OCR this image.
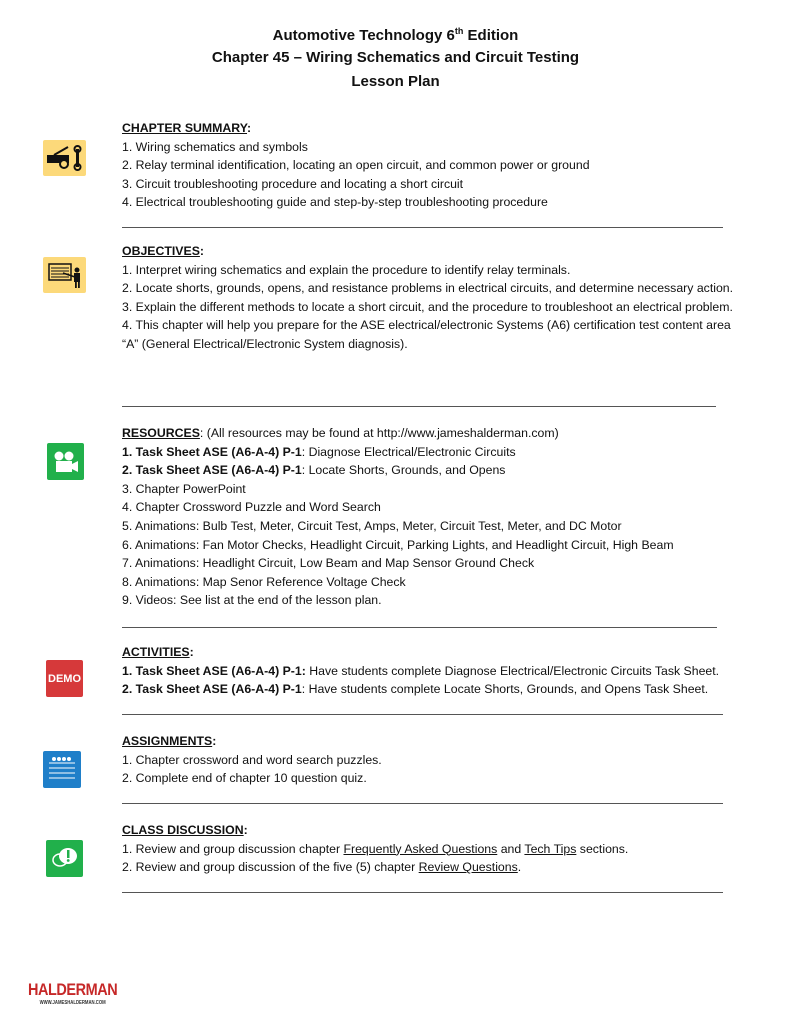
Automotive Technology 6th Edition
Chapter 45 – Wiring Schematics and Circuit Testing
Lesson Plan
CHAPTER SUMMARY:
1. Wiring schematics and symbols
2. Relay terminal identification, locating an open circuit, and common power or ground
3. Circuit troubleshooting procedure and locating a short circuit
4. Electrical troubleshooting guide and step-by-step troubleshooting procedure
OBJECTIVES:
1. Interpret wiring schematics and explain the procedure to identify relay terminals.
2. Locate shorts, grounds, opens, and resistance problems in electrical circuits, and determine necessary action.
3. Explain the different methods to locate a short circuit, and the procedure to troubleshoot an electrical problem.
4. This chapter will help you prepare for the ASE electrical/electronic Systems (A6) certification test content area “A” (General Electrical/Electronic System diagnosis).
RESOURCES: (All resources may be found at http://www.jameshalderman.com)
1. Task Sheet ASE (A6-A-4) P-1: Diagnose Electrical/Electronic Circuits
2. Task Sheet ASE (A6-A-4) P-1: Locate Shorts, Grounds, and Opens
3. Chapter PowerPoint
4. Chapter Crossword Puzzle and Word Search
5. Animations: Bulb Test, Meter, Circuit Test, Amps, Meter, Circuit Test, Meter, and DC Motor
6. Animations: Fan Motor Checks, Headlight Circuit, Parking Lights, and Headlight Circuit, High Beam
7. Animations: Headlight Circuit, Low Beam and Map Sensor Ground Check
8. Animations: Map Senor Reference Voltage Check
9. Videos: See list at the end of the lesson plan.
DEMO
ACTIVITIES:
1. Task Sheet ASE (A6-A-4) P-1: Have students complete Diagnose Electrical/Electronic Circuits Task Sheet.
2. Task Sheet ASE (A6-A-4) P-1: Have students complete Locate Shorts, Grounds, and Opens Task Sheet.
ASSIGNMENTS:
1. Chapter crossword and word search puzzles.
2. Complete end of chapter 10 question quiz.
CLASS DISCUSSION:
1. Review and group discussion chapter Frequently Asked Questions and Tech Tips sections.
2. Review and group discussion of the five (5) chapter Review Questions.
HALDERMAN
WWW.JAMESHALDERMAN.COM
